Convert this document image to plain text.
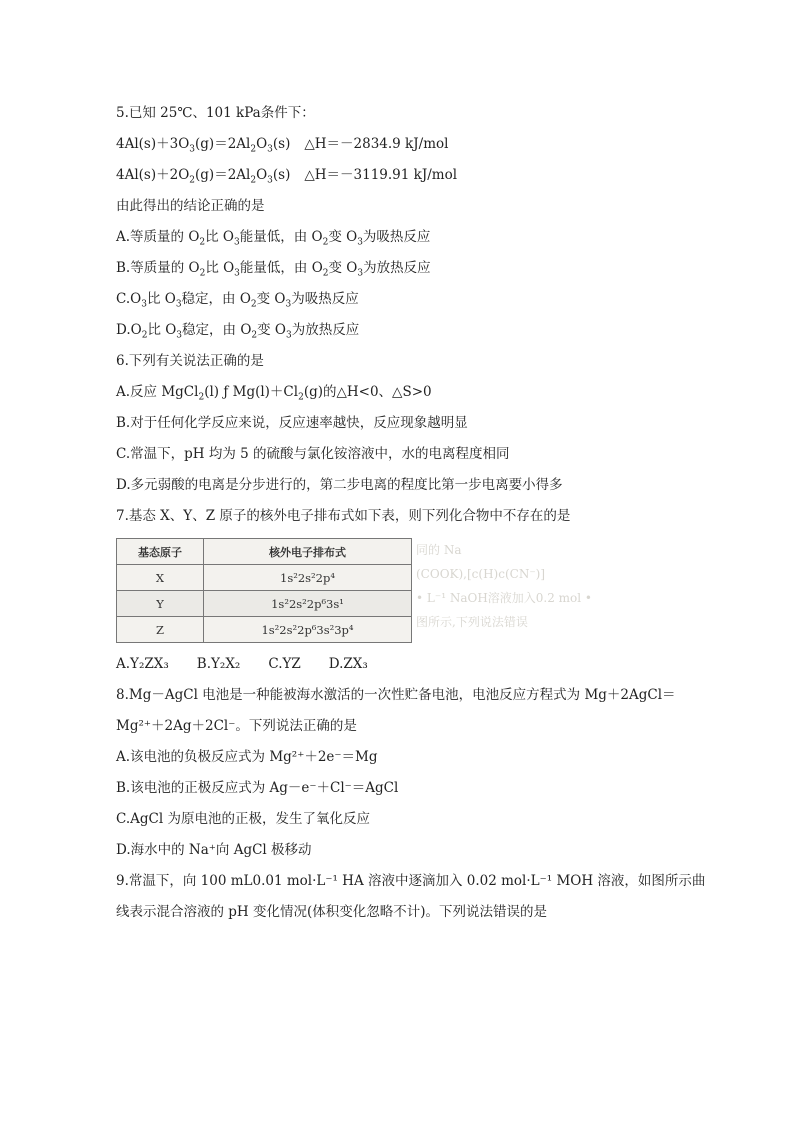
5.已知 25℃、101 kPa条件下：
$4Al(s)+3O_3(g)=2Al_2O_3(s)$ △H＝－2834.9 kJ/mol
$4Al(s)+2O_2(g)=2Al_2O_3(s)$ △H＝－3119.91 kJ/mol
由此得出的结论正确的是
A.等质量的 $O_2$比 $O_3$能量低，由 $O_2$变 $O_3$为吸热反应
B.等质量的 $O_2$比 $O_3$能量低，由 $O_2$变 $O_3$为放热反应
$C.O_3$比 $O_3$稳定，由 $O_2$变 $O_3$为吸热反应
$D.O_2$比 $O_3$稳定，由 $O_2$变 $O_3$为放热反应
6.下列有关说法正确的是
A.反应 MgCl$_2$(l) ƒ $Mg(l)+Cl_2(g)$的△H<0、△S>0
B.对于任何化学反应来说，反应速率越快，反应现象越明显
C.常温下，pH 均为 5 的硫酸与氯化铵溶液中，水的电离程度相同
D.多元弱酸的电离是分步进行的，第二步电离的程度比第一步电离要小得多
7.基态 X、Y、Z 原子的核外电子排布式如下表，则下列化合物中不存在的是
基态原子	核外电子排布式
X	1s²2s²2p⁴
Y	1s²2s²2p⁶3s¹
Z	1s²2s²2p⁶3s²3p⁴
同的 Na
(COOK),[c(H)c(CN⁻)]
• L⁻¹ NaOH溶液加入0.2 mol •
图所示,下列说法错误
A.Y₂ZX₃ B.Y₂X₂ C.YZ D.ZX₃
8.Mg－AgCl 电池是一种能被海水激活的一次性贮备电池，电池反应方程式为 Mg＋2AgCl＝
Mg²⁺＋2Ag＋2Cl⁻。下列说法正确的是
A.该电池的负极反应式为 Mg²⁺＋2e⁻＝Mg
B.该电池的正极反应式为 Ag－e⁻＋Cl⁻＝AgCl
C.AgCl 为原电池的正极，发生了氧化反应
D.海水中的 Na⁺向 AgCl 极移动
9.常温下，向 100 mL0.01 mol·L⁻¹ HA 溶液中逐滴加入 0.02 mol·L⁻¹ MOH 溶液，如图所示曲
线表示混合溶液的 pH 变化情况(体积变化忽略不计)。下列说法错误的是
